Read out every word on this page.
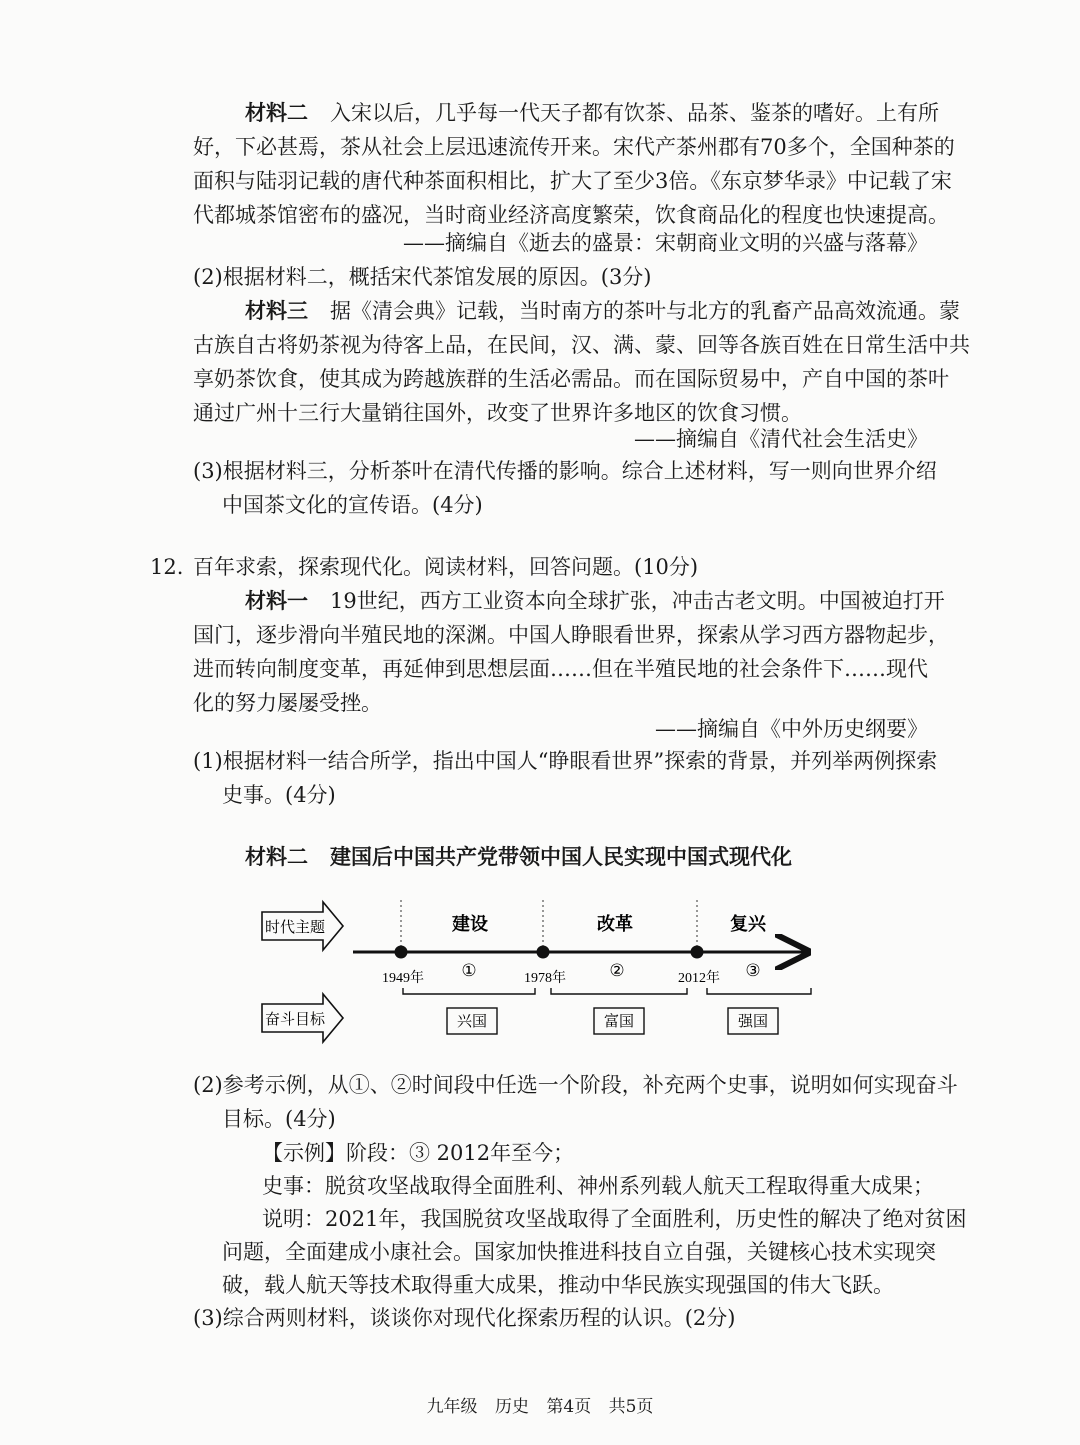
材料二 入宋以后，几乎每一代天子都有饮茶、品茶、鉴茶的嗜好。上有所
好，下必甚焉，茶从社会上层迅速流传开来。宋代产茶州郡有70多个，全国种茶的
面积与陆羽记载的唐代种茶面积相比，扩大了至少3倍。《东京梦华录》中记载了宋
代都城茶馆密布的盛况，当时商业经济高度繁荣，饮食商品化的程度也快速提高。
——摘编自《逝去的盛景：宋朝商业文明的兴盛与落幕》
(2)根据材料二，概括宋代茶馆发展的原因。(3分)
材料三 据《清会典》记载，当时南方的茶叶与北方的乳畜产品高效流通。蒙
古族自古将奶茶视为待客上品，在民间，汉、满、蒙、回等各族百姓在日常生活中共
享奶茶饮食，使其成为跨越族群的生活必需品。而在国际贸易中，产自中国的茶叶
通过广州十三行大量销往国外，改变了世界许多地区的饮食习惯。
——摘编自《清代社会生活史》
(3)根据材料三，分析茶叶在清代传播的影响。综合上述材料，写一则向世界介绍
中国茶文化的宣传语。(4分)
12. 百年求索，探索现代化。阅读材料，回答问题。(10分)
材料一 19世纪，西方工业资本向全球扩张，冲击古老文明。中国被迫打开
国门，逐步滑向半殖民地的深渊。中国人睁眼看世界，探索从学习西方器物起步，
进而转向制度变革，再延伸到思想层面……但在半殖民地的社会条件下……现代
化的努力屡屡受挫。
——摘编自《中外历史纲要》
(1)根据材料一结合所学，指出中国人“睁眼看世界”探索的背景，并列举两例探索
史事。(4分)
材料二 建国后中国共产党带领中国人民实现中国式现代化
时代主题
奋斗目标
建设	改革	复兴
1949年	1978年	2012年
①	②	③
兴国	富国	强国
(2)参考示例，从①、②时间段中任选一个阶段，补充两个史事，说明如何实现奋斗
目标。(4分)
【示例】阶段：③ 2012年至今；
史事：脱贫攻坚战取得全面胜利、神州系列载人航天工程取得重大成果；
说明：2021年，我国脱贫攻坚战取得了全面胜利，历史性的解决了绝对贫困
问题，全面建成小康社会。国家加快推进科技自立自强，关键核心技术实现突
破，载人航天等技术取得重大成果，推动中华民族实现强国的伟大飞跃。
(3)综合两则材料，谈谈你对现代化探索历程的认识。(2分)
九年级 历史 第4页 共5页
